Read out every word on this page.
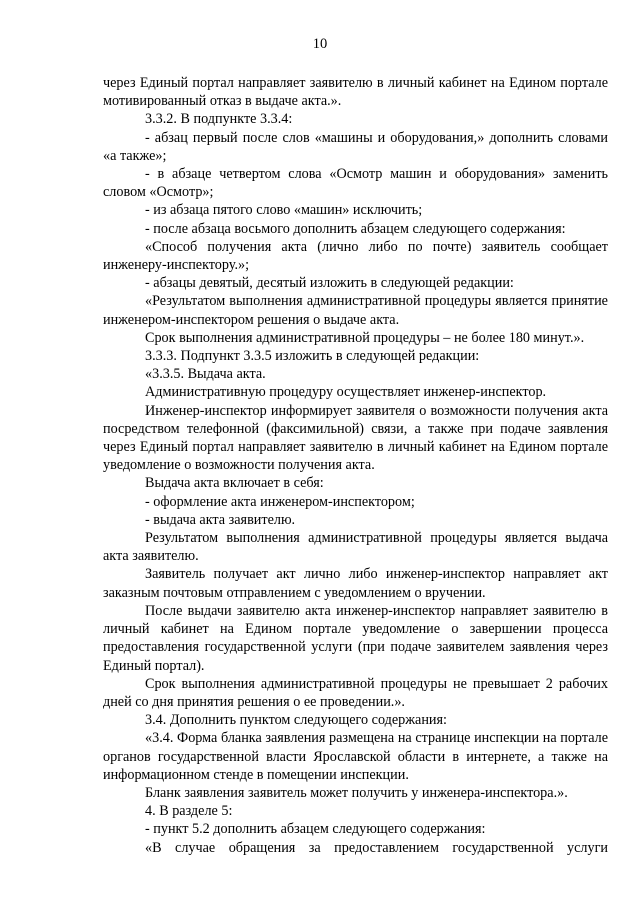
10

через Единый портал направляет заявителю в личный кабинет на Едином портале мотивированный отказ в выдаче акта.».

3.3.2. В подпункте 3.3.4:

- абзац первый после слов «машины и оборудования,» дополнить словами «а также»;

- в абзаце четвертом слова «Осмотр машин и оборудования» заменить словом «Осмотр»;

- из абзаца пятого слово «машин» исключить;

- после абзаца восьмого дополнить абзацем следующего содержания:

«Способ получения акта (лично либо по почте) заявитель сообщает инженеру-инспектору.»;

- абзацы девятый, десятый изложить в следующей редакции:

«Результатом выполнения административной процедуры является принятие инженером-инспектором решения о выдаче акта.

Срок выполнения административной процедуры – не более 180 минут.».

3.3.3. Подпункт 3.3.5 изложить в следующей редакции:

«3.3.5. Выдача акта.

Административную процедуру осуществляет инженер-инспектор.

Инженер-инспектор информирует заявителя о возможности получения акта посредством телефонной (факсимильной) связи, а также при подаче заявления через Единый портал направляет заявителю в личный кабинет на Едином портале уведомление о возможности получения акта.

Выдача акта включает в себя:

- оформление акта инженером-инспектором;

- выдача акта заявителю.

Результатом выполнения административной процедуры является выдача акта заявителю.

Заявитель получает акт лично либо инженер-инспектор направляет акт заказным почтовым отправлением с уведомлением о вручении.

После выдачи заявителю акта инженер-инспектор направляет заявителю в личный кабинет на Едином портале уведомление о завершении процесса предоставления государственной услуги (при подаче заявителем заявления через Единый портал).

Срок выполнения административной процедуры не превышает 2 рабочих дней со дня принятия решения о ее проведении.».

3.4. Дополнить пунктом следующего содержания:

«3.4. Форма бланка заявления размещена на странице инспекции на портале органов государственной власти Ярославской области в интернете, а также на информационном стенде в помещении инспекции.

Бланк заявления заявитель может получить у инженера-инспектора.».

4. В разделе 5:

- пункт 5.2 дополнить абзацем следующего содержания:

«В случае обращения за предоставлением государственной услуги
